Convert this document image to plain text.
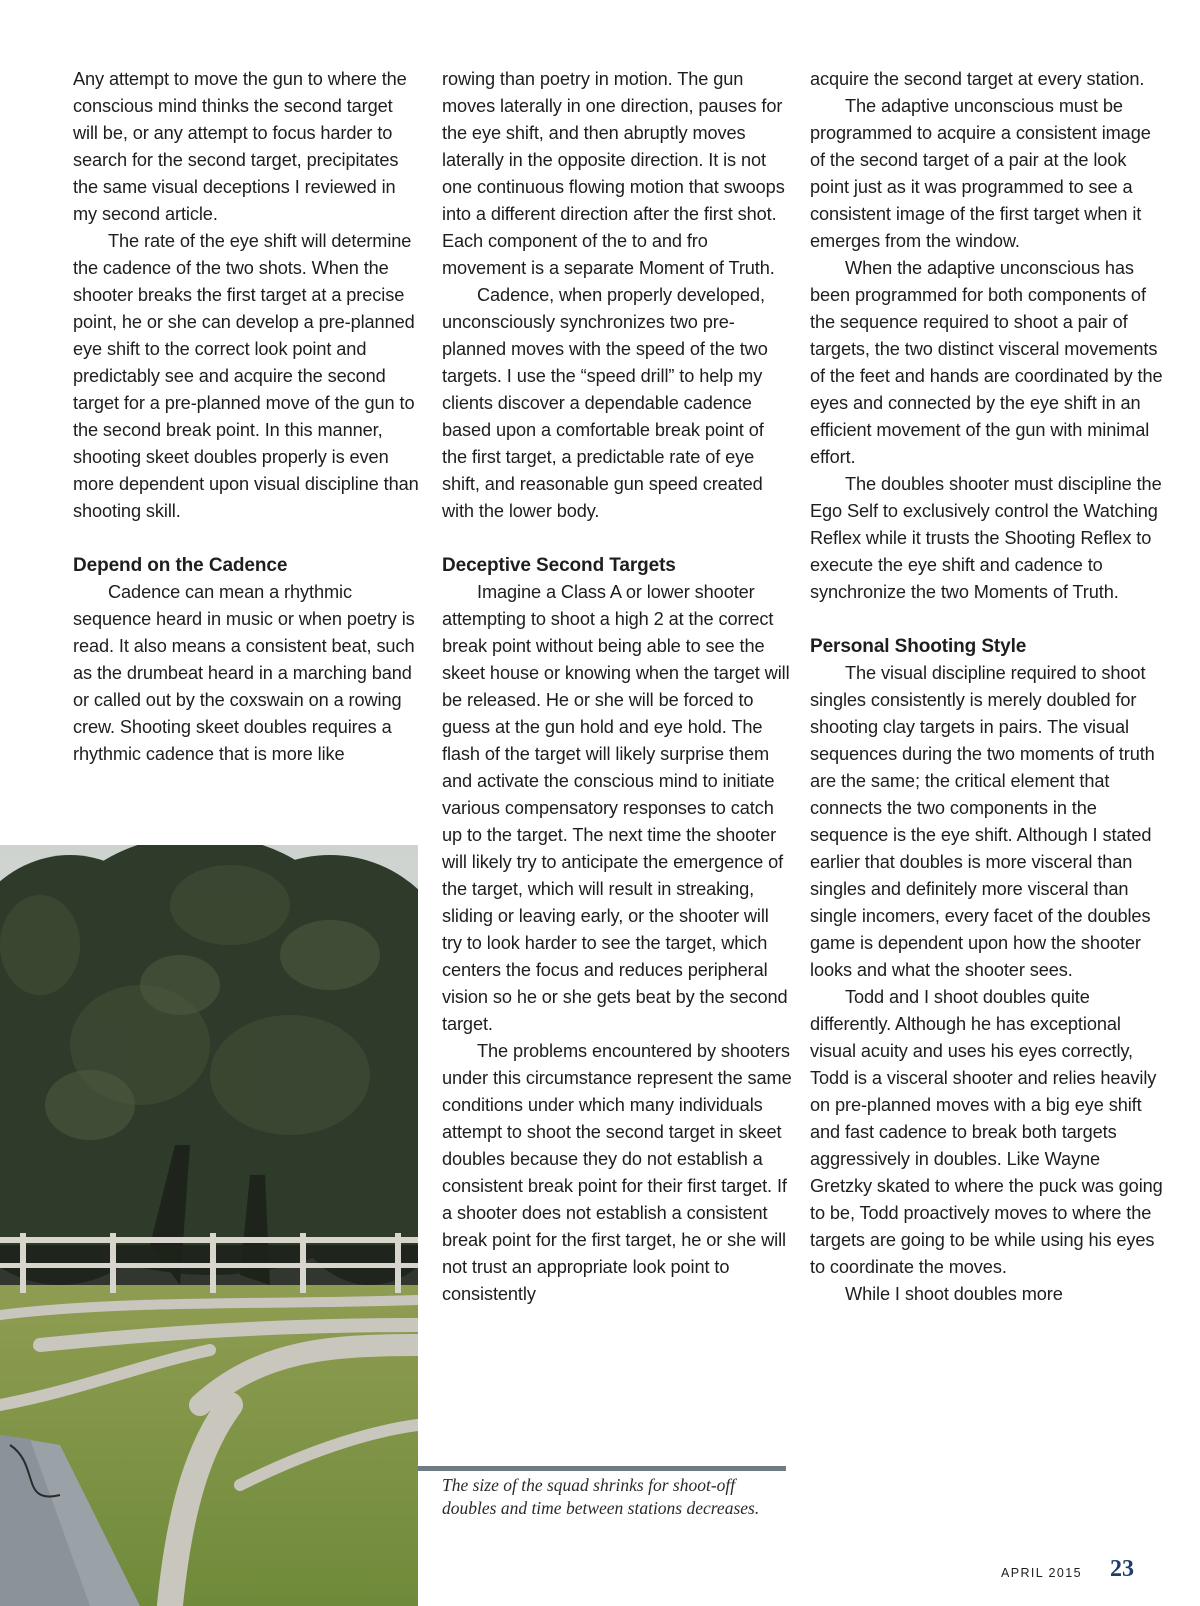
Any attempt to move the gun to where the conscious mind thinks the second target will be, or any attempt to focus harder to search for the second target, precipitates the same visual deceptions I reviewed in my second article.

The rate of the eye shift will determine the cadence of the two shots. When the shooter breaks the first target at a precise point, he or she can develop a pre-planned eye shift to the correct look point and predictably see and acquire the second target for a pre-planned move of the gun to the second break point. In this manner, shooting skeet doubles properly is even more dependent upon visual discipline than shooting skill.

Depend on the Cadence

Cadence can mean a rhythmic sequence heard in music or when poetry is read. It also means a consistent beat, such as the drumbeat heard in a marching band or called out by the coxswain on a rowing crew. Shooting skeet doubles requires a rhythmic cadence that is more like

rowing than poetry in motion. The gun moves laterally in one direction, pauses for the eye shift, and then abruptly moves laterally in the opposite direction. It is not one continuous flowing motion that swoops into a different direction after the first shot. Each component of the to and fro movement is a separate Moment of Truth.

Cadence, when properly developed, unconsciously synchronizes two pre-planned moves with the speed of the two targets. I use the “speed drill” to help my clients discover a dependable cadence based upon a comfortable break point of the first target, a predictable rate of eye shift, and reasonable gun speed created with the lower body.

Deceptive Second Targets

Imagine a Class A or lower shooter attempting to shoot a high 2 at the correct break point without being able to see the skeet house or knowing when the target will be released. He or she will be forced to guess at the gun hold and eye hold. The flash of the target will likely surprise them and activate the conscious mind to initiate various compensatory responses to catch up to the target. The next time the shooter will likely try to anticipate the emergence of the target, which will result in streaking, sliding or leaving early, or the shooter will try to look harder to see the target, which centers the focus and reduces peripheral vision so he or she gets beat by the second target.

The problems encountered by shooters under this circumstance represent the same conditions under which many individuals attempt to shoot the second target in skeet doubles because they do not establish a consistent break point for their first target. If a shooter does not establish a consistent break point for the first target, he or she will not trust an appropriate look point to consistently

acquire the second target at every station.

The adaptive unconscious must be programmed to acquire a consistent image of the second target of a pair at the look point just as it was programmed to see a consistent image of the first target when it emerges from the window.

When the adaptive unconscious has been programmed for both components of the sequence required to shoot a pair of targets, the two distinct visceral movements of the feet and hands are coordinated by the eyes and connected by the eye shift in an efficient movement of the gun with minimal effort.

The doubles shooter must discipline the Ego Self to exclusively control the Watching Reflex while it trusts the Shooting Reflex to execute the eye shift and cadence to synchronize the two Moments of Truth.

Personal Shooting Style

The visual discipline required to shoot singles consistently is merely doubled for shooting clay targets in pairs. The visual sequences during the two moments of truth are the same; the critical element that connects the two components in the sequence is the eye shift. Although I stated earlier that doubles is more visceral than singles and definitely more visceral than single incomers, every facet of the doubles game is dependent upon how the shooter looks and what the shooter sees.

Todd and I shoot doubles quite differently. Although he has exceptional visual acuity and uses his eyes correctly, Todd is a visceral shooter and relies heavily on pre-planned moves with a big eye shift and fast cadence to break both targets aggressively in doubles. Like Wayne Gretzky skated to where the puck was going to be, Todd proactively moves to where the targets are going to be while using his eyes to coordinate the moves.

While I shoot doubles more

The size of the squad shrinks for shoot-off doubles and time between stations decreases.

APRIL 2015 23
